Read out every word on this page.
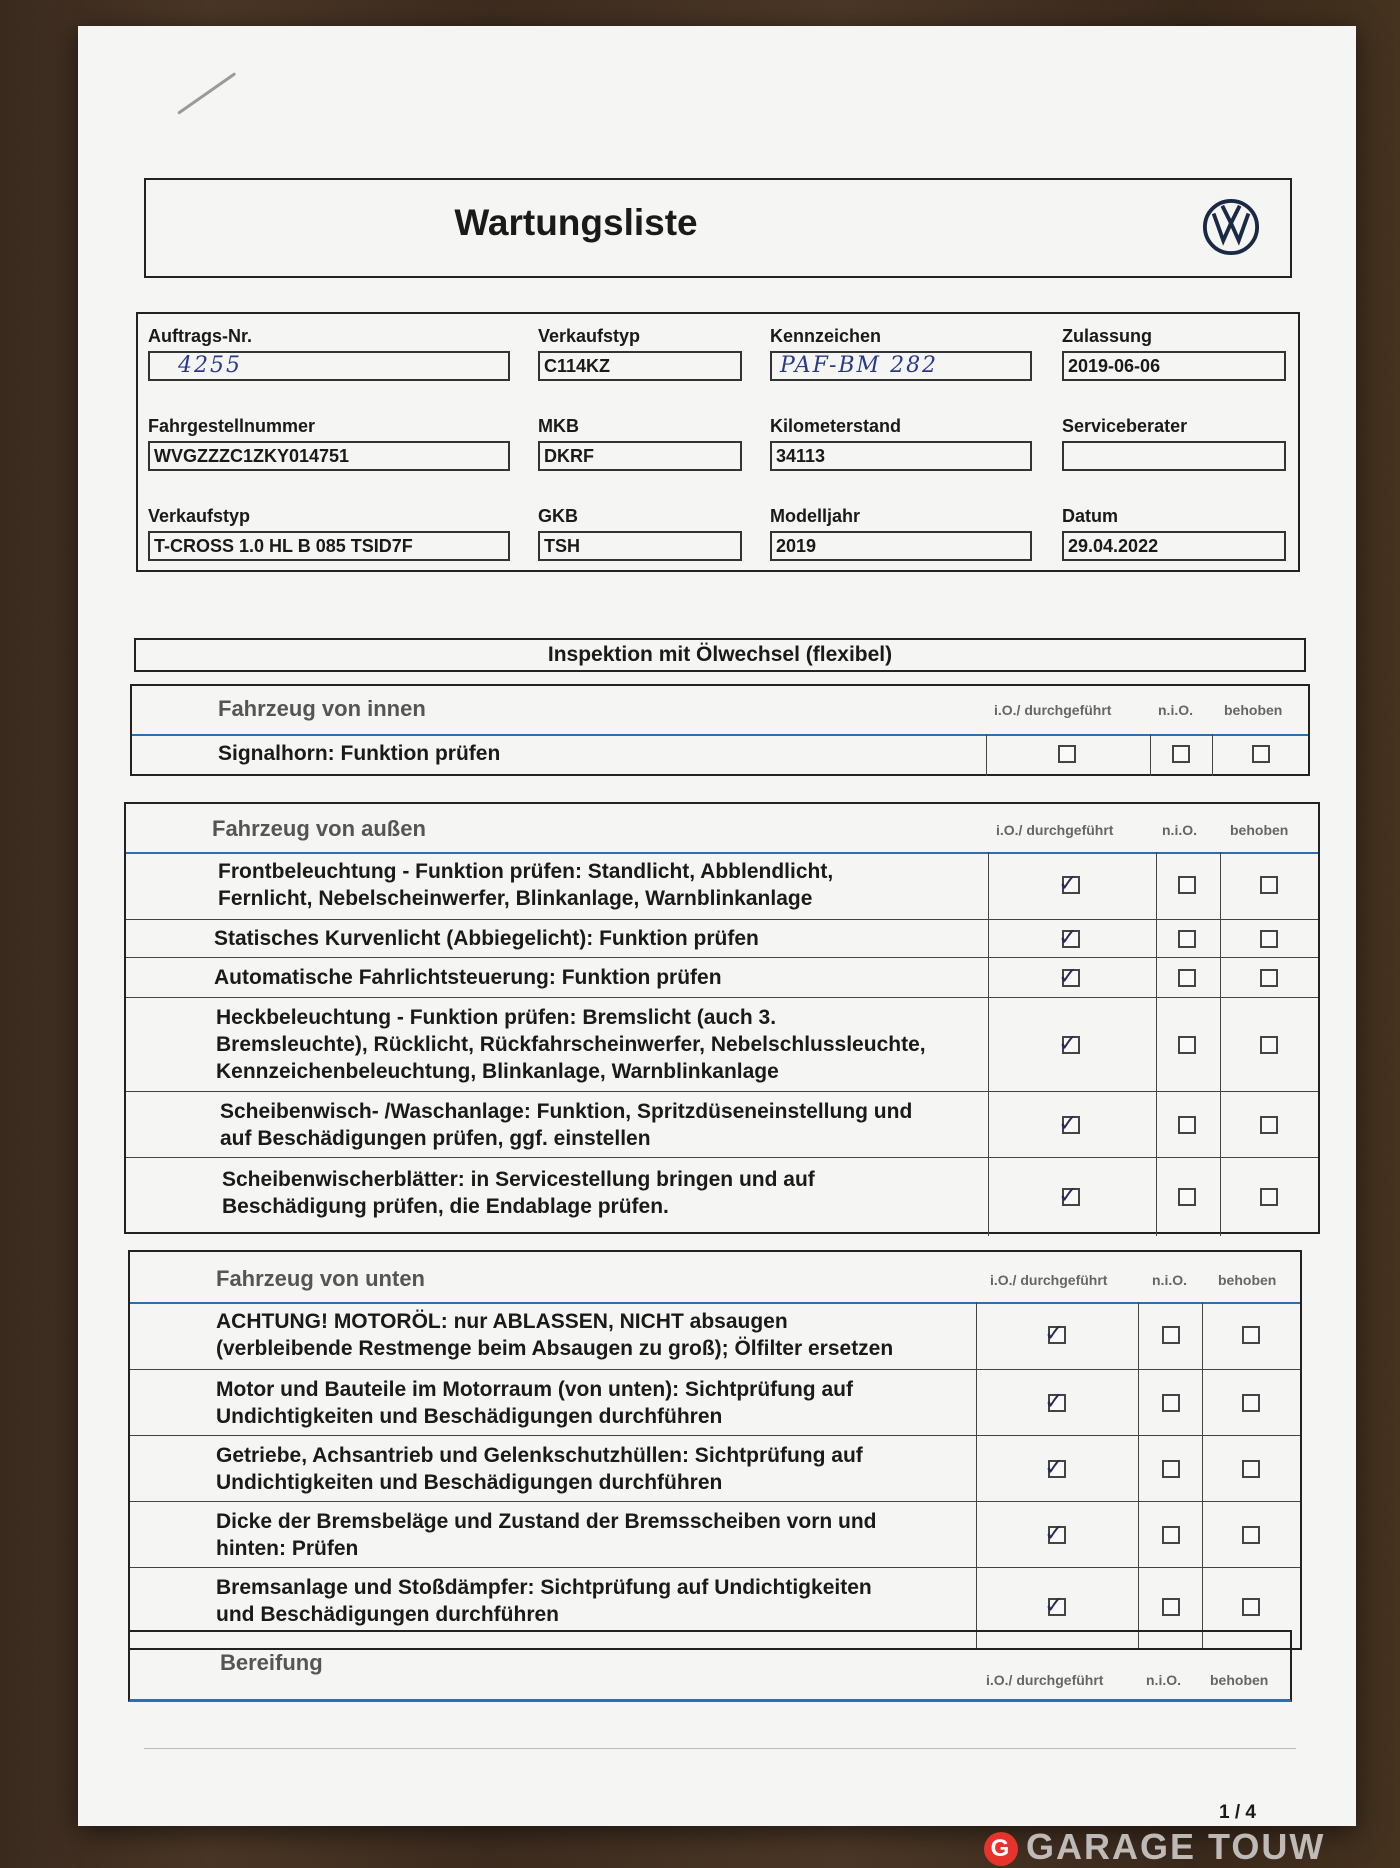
Wartungsliste
Auftrags-Nr.
4255
Verkaufstyp
C114KZ
Kennzeichen
PAF-BM 282
Zulassung
2019-06-06
Fahrgestellnummer
WVGZZZC1ZKY014751
MKB
DKRF
Kilometerstand
34113
Serviceberater
Verkaufstyp
T-CROSS 1.0 HL B 085 TSID7F
GKB
TSH
Modelljahr
2019
Datum
29.04.2022
Inspektion mit Ölwechsel (flexibel)
Fahrzeug von innen	i.O./ durchgeführt	n.i.O. behoben
Signalhorn: Funktion prüfen
Fahrzeug von außen	i.O./ durchgeführt	n.i.O. behoben
Frontbeleuchtung - Funktion prüfen: Standlicht, Abblendlicht,
Fernlicht, Nebelscheinwerfer, Blinkanlage, Warnblinkanlage
✓
Statisches Kurvenlicht (Abbiegelicht): Funktion prüfen	✓
Automatische Fahrlichtsteuerung: Funktion prüfen	✓
Heckbeleuchtung - Funktion prüfen: Bremslicht (auch 3.
Bremsleuchte), Rücklicht, Rückfahrscheinwerfer, Nebelschlussleuchte,
Kennzeichenbeleuchtung, Blinkanlage, Warnblinkanlage
✓
Scheibenwisch- /Waschanlage: Funktion, Spritzdüseneinstellung und
auf Beschädigungen prüfen, ggf. einstellen
✓
Scheibenwischerblätter: in Servicestellung bringen und auf
Beschädigung prüfen, die Endablage prüfen.	✓
Fahrzeug von unten	i.O./ durchgeführt	n.i.O. behoben
ACHTUNG! MOTORÖL: nur ABLASSEN, NICHT absaugen
(verbleibende Restmenge beim Absaugen zu groß); Ölfilter ersetzen
✓
Motor und Bauteile im Motorraum (von unten): Sichtprüfung auf
Undichtigkeiten und Beschädigungen durchführen
✓
Getriebe, Achsantrieb und Gelenkschutzhüllen: Sichtprüfung auf
Undichtigkeiten und Beschädigungen durchführen
✓
Dicke der Bremsbeläge und Zustand der Bremsscheiben vorn und
hinten: Prüfen
✓
Bremsanlage und Stoßdämpfer: Sichtprüfung auf Undichtigkeiten
und Beschädigungen durchführen	✓
Bereifung
i.O./ durchgeführt	n.i.O. behoben
1 / 4
G GARAGE TOUW
